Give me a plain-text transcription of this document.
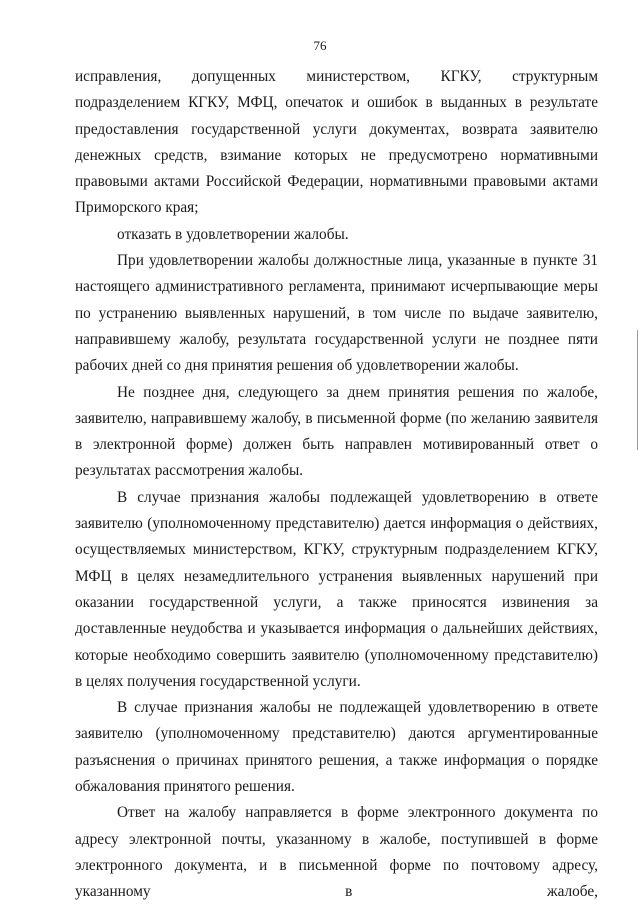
76

исправления, допущенных министерством, КГКУ, структурным подразделением КГКУ, МФЦ, опечаток и ошибок в выданных в результате предоставления государственной услуги документах, возврата заявителю денежных средств, взимание которых не предусмотрено нормативными правовыми актами Российской Федерации, нормативными правовыми актами Приморского края;

отказать в удовлетворении жалобы.

При удовлетворении жалобы должностные лица, указанные в пункте 31 настоящего административного регламента, принимают исчерпывающие меры по устранению выявленных нарушений, в том числе по выдаче заявителю, направившему жалобу, результата государственной услуги не позднее пяти рабочих дней со дня принятия решения об удовлетворении жалобы.

Не позднее дня, следующего за днем принятия решения по жалобе, заявителю, направившему жалобу, в письменной форме (по желанию заявителя в электронной форме) должен быть направлен мотивированный ответ о результатах рассмотрения жалобы.

В случае признания жалобы подлежащей удовлетворению в ответе заявителю (уполномоченному представителю) дается информация о действиях, осуществляемых министерством, КГКУ, структурным подразделением КГКУ, МФЦ в целях незамедлительного устранения выявленных нарушений при оказании государственной услуги, а также приносятся извинения за доставленные неудобства и указывается информация о дальнейших действиях, которые необходимо совершить заявителю (уполномоченному представителю) в целях получения государственной услуги.

В случае признания жалобы не подлежащей удовлетворению в ответе заявителю (уполномоченному представителю) даются аргументированные разъяснения о причинах принятого решения, а также информация о порядке обжалования принятого решения.

Ответ на жалобу направляется в форме электронного документа по адресу электронной почты, указанному в жалобе, поступившей в форме электронного документа, и в письменной форме по почтовому адресу, указанному в жалобе,
